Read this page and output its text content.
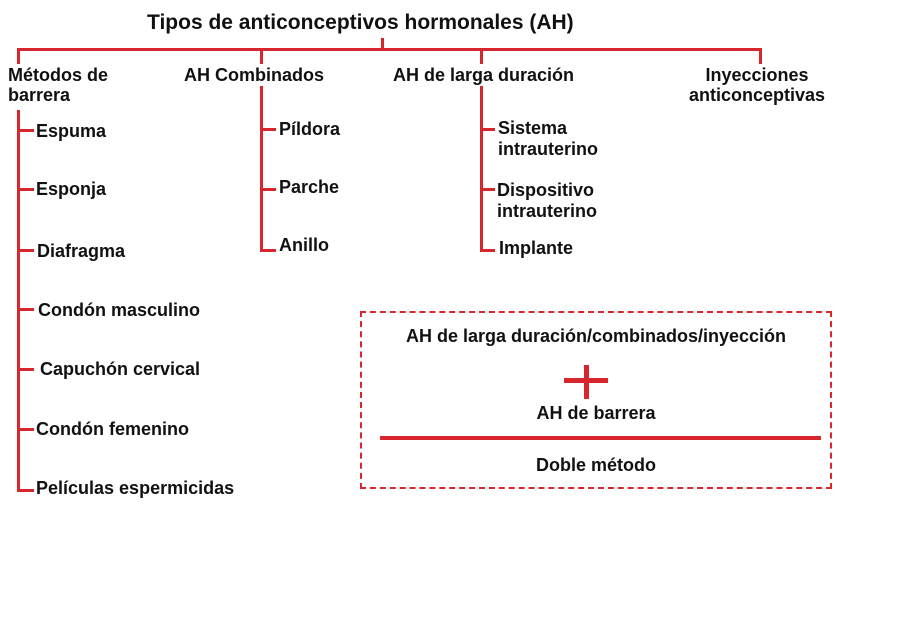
Tipos de anticonceptivos hormonales (AH)
Métodos de barrera
AH Combinados	AH de larga duración	Inyecciones anticonceptivas
Espuma
Esponja
Diafragma
Condón masculino
Capuchón cervical
Condón femenino
Películas espermicidas
Píldora
Parche
Anillo
Sistema intrauterino
Dispositivo intrauterino
Implante
AH de larga duración/combinados/inyección
AH de barrera
Doble método
